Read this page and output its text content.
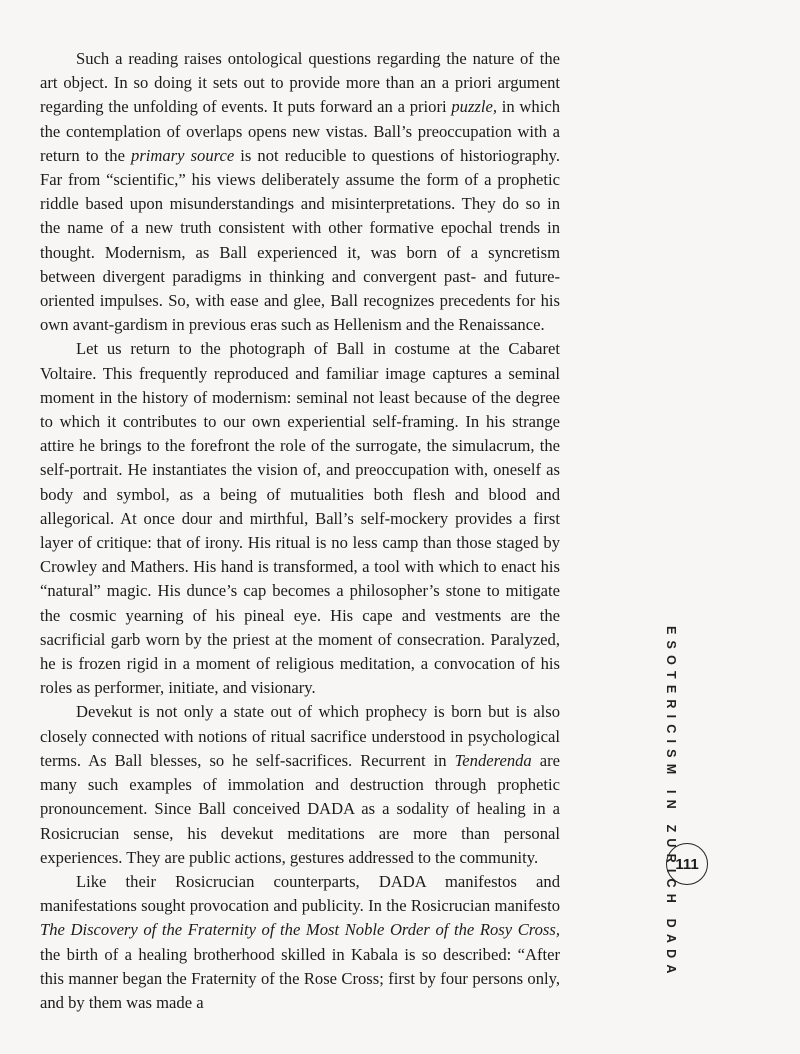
Such a reading raises ontological questions regarding the nature of the art object. In so doing it sets out to provide more than an a priori argument regarding the unfolding of events. It puts forward an a priori puzzle, in which the contemplation of overlaps opens new vistas. Ball’s preoccupation with a return to the primary source is not reducible to questions of historiography. Far from “scientific,” his views deliberately assume the form of a prophetic riddle based upon misunderstandings and misinterpretations. They do so in the name of a new truth consistent with other formative epochal trends in thought. Modernism, as Ball experienced it, was born of a syncretism between divergent paradigms in thinking and convergent past- and future-oriented impulses. So, with ease and glee, Ball recognizes precedents for his own avant-gardism in previous eras such as Hellenism and the Renaissance.

Let us return to the photograph of Ball in costume at the Cabaret Voltaire. This frequently reproduced and familiar image captures a seminal moment in the history of modernism: seminal not least because of the degree to which it contributes to our own experiential self-framing. In his strange attire he brings to the forefront the role of the surrogate, the simulacrum, the self-portrait. He instantiates the vision of, and preoccupation with, oneself as body and symbol, as a being of mutualities both flesh and blood and allegorical. At once dour and mirthful, Ball’s self-mockery provides a first layer of critique: that of irony. His ritual is no less camp than those staged by Crowley and Mathers. His hand is transformed, a tool with which to enact his “natural” magic. His dunce’s cap becomes a philosopher’s stone to mitigate the cosmic yearning of his pineal eye. His cape and vestments are the sacrificial garb worn by the priest at the moment of consecration. Paralyzed, he is frozen rigid in a moment of religious meditation, a convocation of his roles as performer, initiate, and visionary.

Devekut is not only a state out of which prophecy is born but is also closely connected with notions of ritual sacrifice understood in psychological terms. As Ball blesses, so he self-sacrifices. Recurrent in Tenderenda are many such examples of immolation and destruction through prophetic pronouncement. Since Ball conceived DADA as a sodality of healing in a Rosicrucian sense, his devekut meditations are more than personal experiences. They are public actions, gestures addressed to the community.

Like their Rosicrucian counterparts, DADA manifestos and manifestations sought provocation and publicity. In the Rosicrucian manifesto The Discovery of the Fraternity of the Most Noble Order of the Rosy Cross, the birth of a healing brotherhood skilled in Kabala is so described: “After this manner began the Fraternity of the Rose Cross; first by four persons only, and by them was made a

ESOTERICISM IN ZURICH DADA
111
